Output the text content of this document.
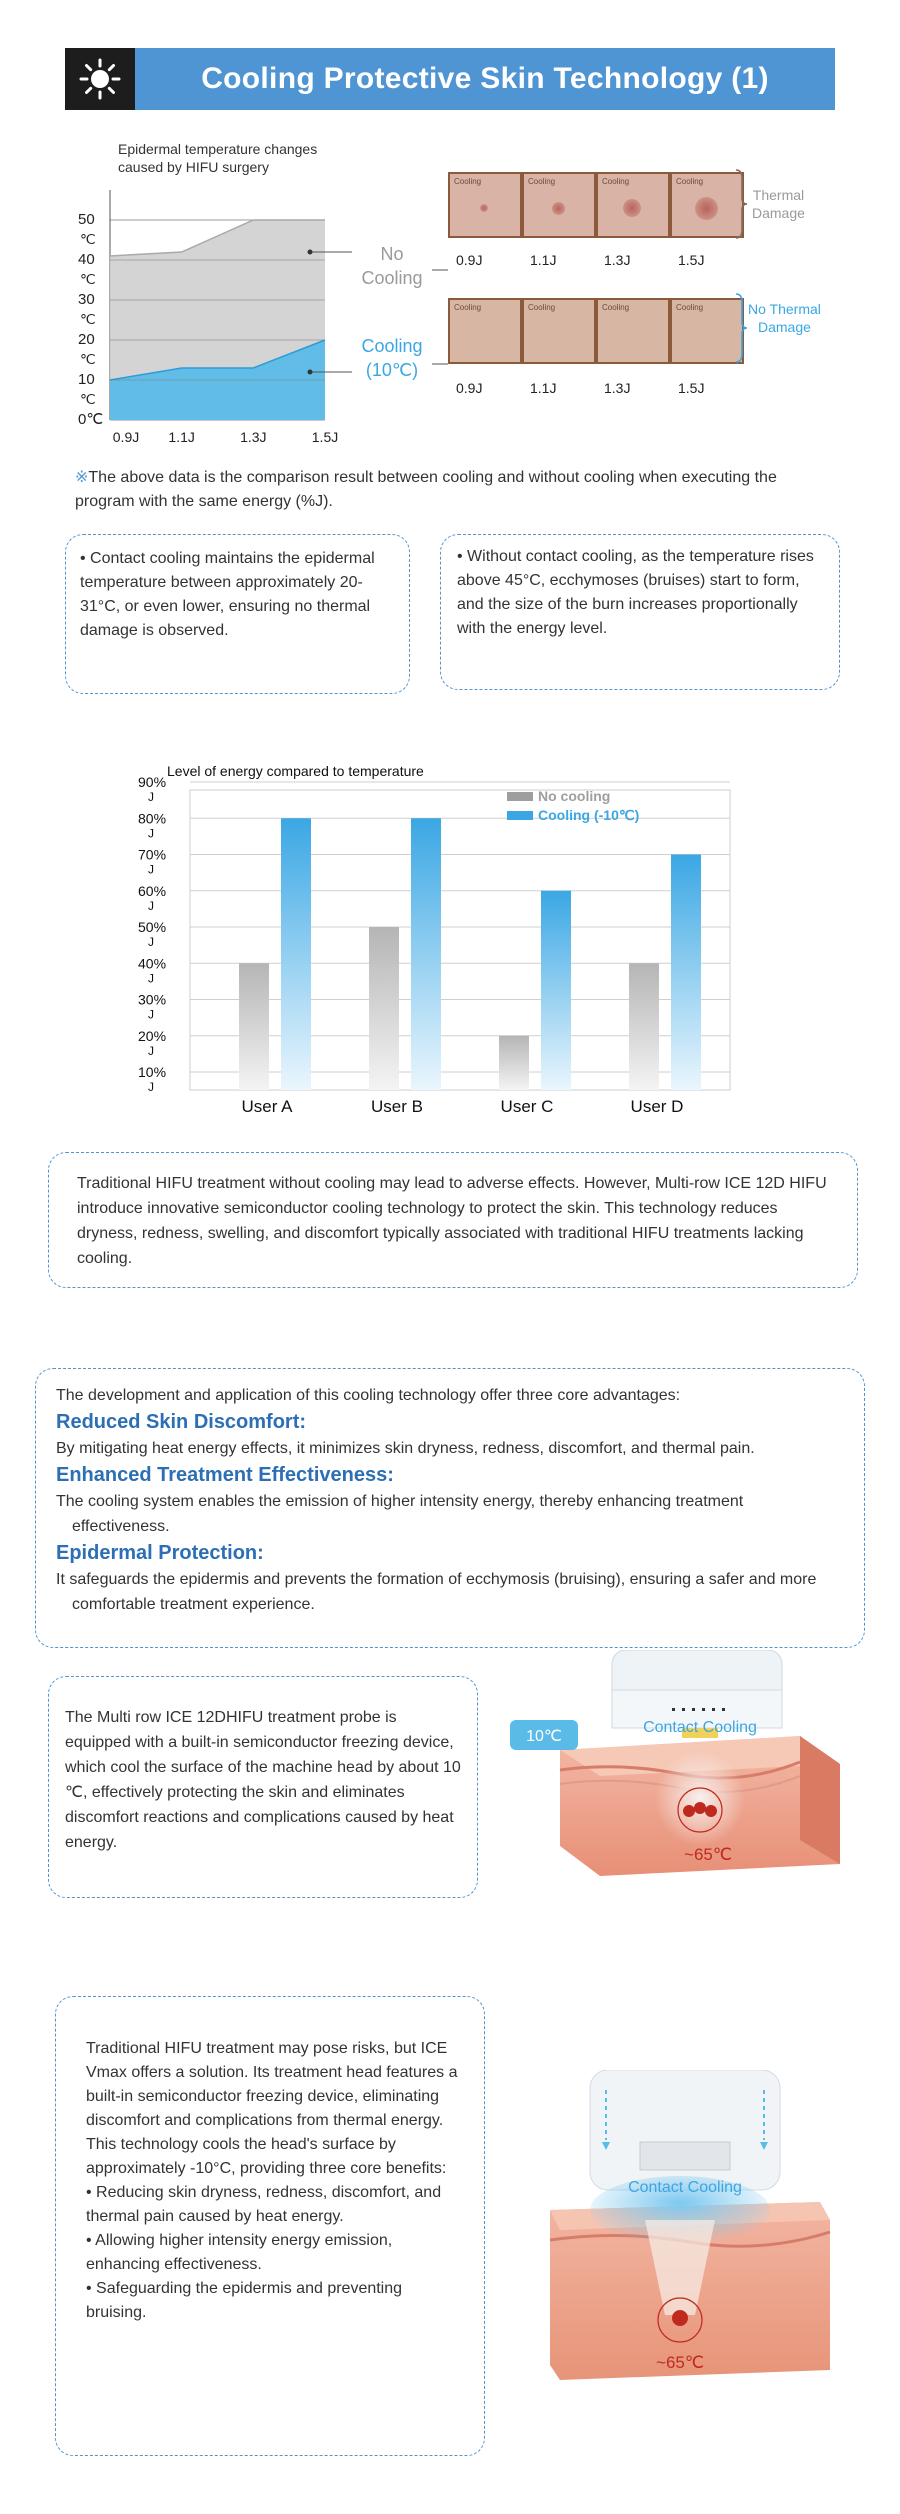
Cooling Protective Skin Technology (1)
Epidermal temperature changes
caused by HIFU surgery
50
℃
40
℃
30
℃
20
℃
10
℃
0℃
0.9J 1.1J	1.3J	1.5J
No
Cooling
Cooling
(10℃)
Cooling	Cooling	Cooling	Cooling
0.9J	1.1J	1.3J	1.5J
Cooling	Cooling	Cooling	Cooling
0.9J	1.1J	1.3J	1.5J
Thermal
Damage
No Thermal
Damage
※The above data is the comparison result between cooling and without cooling when executing the program with the same energy (%J).
• Contact cooling maintains the epidermal temperature between approximately 20-31°C, or even lower, ensuring no thermal damage is observed.
• Without contact cooling, as the temperature rises above 45°C, ecchymoses (bruises) start to form, and the size of the burn increases proportionally with the energy level.
Level of energy compared to temperature
90%
J
80%
J
70%
J
60%
J
50%
J
40%
J
30%
J
20%
J
10%
J
User A	User B	User C	User D
No cooling
Cooling (-10℃)
Traditional HIFU treatment without cooling may lead to adverse effects. However, Multi-row ICE 12D HIFU introduce innovative semiconductor cooling technology to protect the skin. This technology reduces dryness, redness, swelling, and discomfort typically associated with traditional HIFU treatments lacking cooling.
The development and application of this cooling technology offer three core advantages:
Reduced Skin Discomfort:
By mitigating heat energy effects, it minimizes skin dryness, redness, discomfort, and thermal pain.
Enhanced Treatment Effectiveness:
The cooling system enables the emission of higher intensity energy, thereby enhancing treatment effectiveness.
Epidermal Protection:
It safeguards the epidermis and prevents the formation of ecchymosis (bruising), ensuring a safer and more comfortable treatment experience.
The Multi row ICE 12DHIFU treatment probe is equipped with a built-in semiconductor freezing device, which cool the surface of the machine head by about 10 ℃, effectively protecting the skin and eliminates discomfort reactions and complications caused by heat energy.
Contact Cooling
10℃
~65℃
Traditional HIFU treatment may pose risks, but ICE Vmax offers a solution. Its treatment head features a built-in semiconductor freezing device, eliminating discomfort and complications from thermal energy. This technology cools the head's surface by approximately -10°C, providing three core benefits:
• Reducing skin dryness, redness, discomfort, and thermal pain caused by heat energy.
• Allowing higher intensity energy emission, enhancing effectiveness.
• Safeguarding the epidermis and preventing bruising.
Contact Cooling
~65℃
